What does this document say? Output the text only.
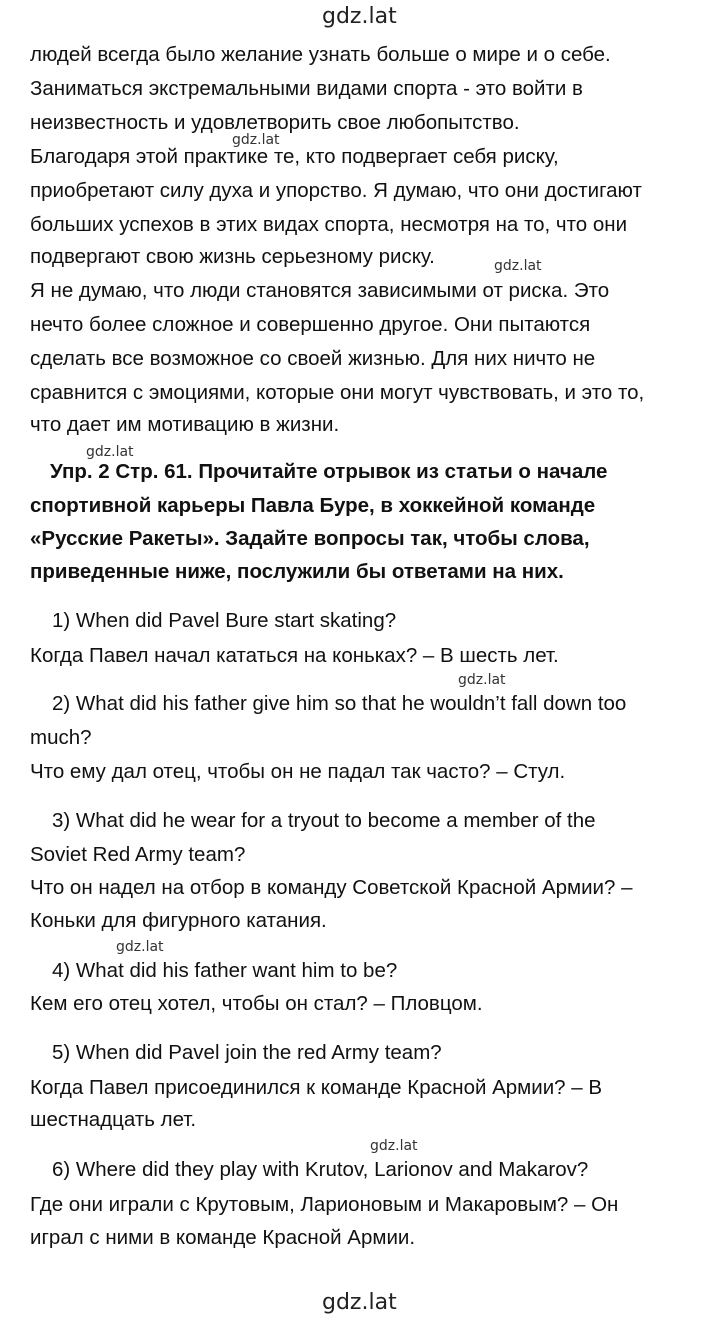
gdz.lat
gdz.lat
gdz.lat
gdz.lat
gdz.lat
gdz.lat
gdz.lat
gdz.lat
людей всегда было желание узнать больше о мире и о себе.
Заниматься экстремальными видами спорта - это войти в
неизвестность и удовлетворить свое любопытство.
Благодаря этой практике те, кто подвергает себя риску,
приобретают силу духа и упорство. Я думаю, что они достигают
больших успехов в этих видах спорта, несмотря на то, что они
подвергают свою жизнь серьезному риску.
Я не думаю, что люди становятся зависимыми от риска. Это
нечто более сложное и совершенно другое. Они пытаются
сделать все возможное со своей жизнью. Для них ничто не
сравнится с эмоциями, которые они могут чувствовать, и это то,
что дает им мотивацию в жизни.
Упр. 2 Стр. 61. Прочитайте отрывок из статьи о начале
спортивной карьеры Павла Буре, в хоккейной команде
«Русские Ракеты». Задайте вопросы так, чтобы слова,
приведенные ниже, послужили бы ответами на них.
1) When did Pavel Bure start skating?
Когда Павел начал кататься на коньках? – В шесть лет.
2) What did his father give him so that he wouldn’t fall down too
much?
Что ему дал отец, чтобы он не падал так часто? – Стул.
3) What did he wear for a tryout to become a member of the
Soviet Red Army team?
Что он надел на отбор в команду Советской Красной Армии? –
Коньки для фигурного катания.
4) What did his father want him to be?
Кем его отец хотел, чтобы он стал? – Пловцом.
5) When did Pavel join the red Army team?
Когда Павел присоединился к команде Красной Армии? – В
шестнадцать лет.
6) Where did they play with Krutov, Larionov and Makarov?
Где они играли с Крутовым, Ларионовым и Макаровым? – Он
играл с ними в команде Красной Армии.
